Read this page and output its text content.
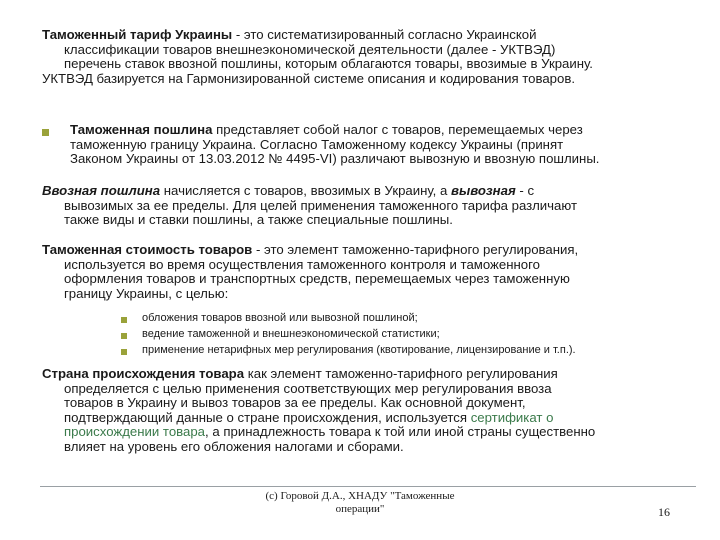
Таможенный тариф Украины - это систематизированный согласно Украинской
классификации товаров внешнеэкономической деятельности (далее - УКТВЭД)
перечень ставок ввозной пошлины, которым облагаются товары, ввозимые в Украину.
УКТВЭД базируется на Гармонизированной системе описания и кодирования товаров.
Таможенная пошлина представляет собой налог с товаров, перемещаемых через
таможенную границу Украина. Согласно Таможенному кодексу Украины (принят
Законом Украины от 13.03.2012 № 4495-VI) различают вывозную и ввозную пошлины.
Ввозная пошлина начисляется с товаров, ввозимых в Украину, а вывозная - с
вывозимых за ее пределы. Для целей применения таможенного тарифа различают
также виды и ставки пошлины, а также специальные пошлины.
Таможенная стоимость товаров - это элемент таможенно-тарифного регулирования,
используется во время осуществления таможенного контроля и таможенного
оформления товаров и транспортных средств, перемещаемых через таможенную
границу Украины, с целью:
обложения товаров ввозной или вывозной пошлиной;
ведение таможенной и внешнеэкономической статистики;
применение нетарифных мер регулирования (квотирование, лицензирование и т.п.).
Страна происхождения товара как элемент таможенно-тарифного регулирования
определяется с целью применения соответствующих мер регулирования ввоза
товаров в Украину и вывоз товаров за ее пределы. Как основной документ,
подтверждающий данные о стране происхождения, используется сертификат о
происхождении товара, а принадлежность товара к той или иной страны существенно
влияет на уровень его обложения налогами и сборами.
(c) Горовой Д.А., ХНАДУ "Таможенные
операции"	16
